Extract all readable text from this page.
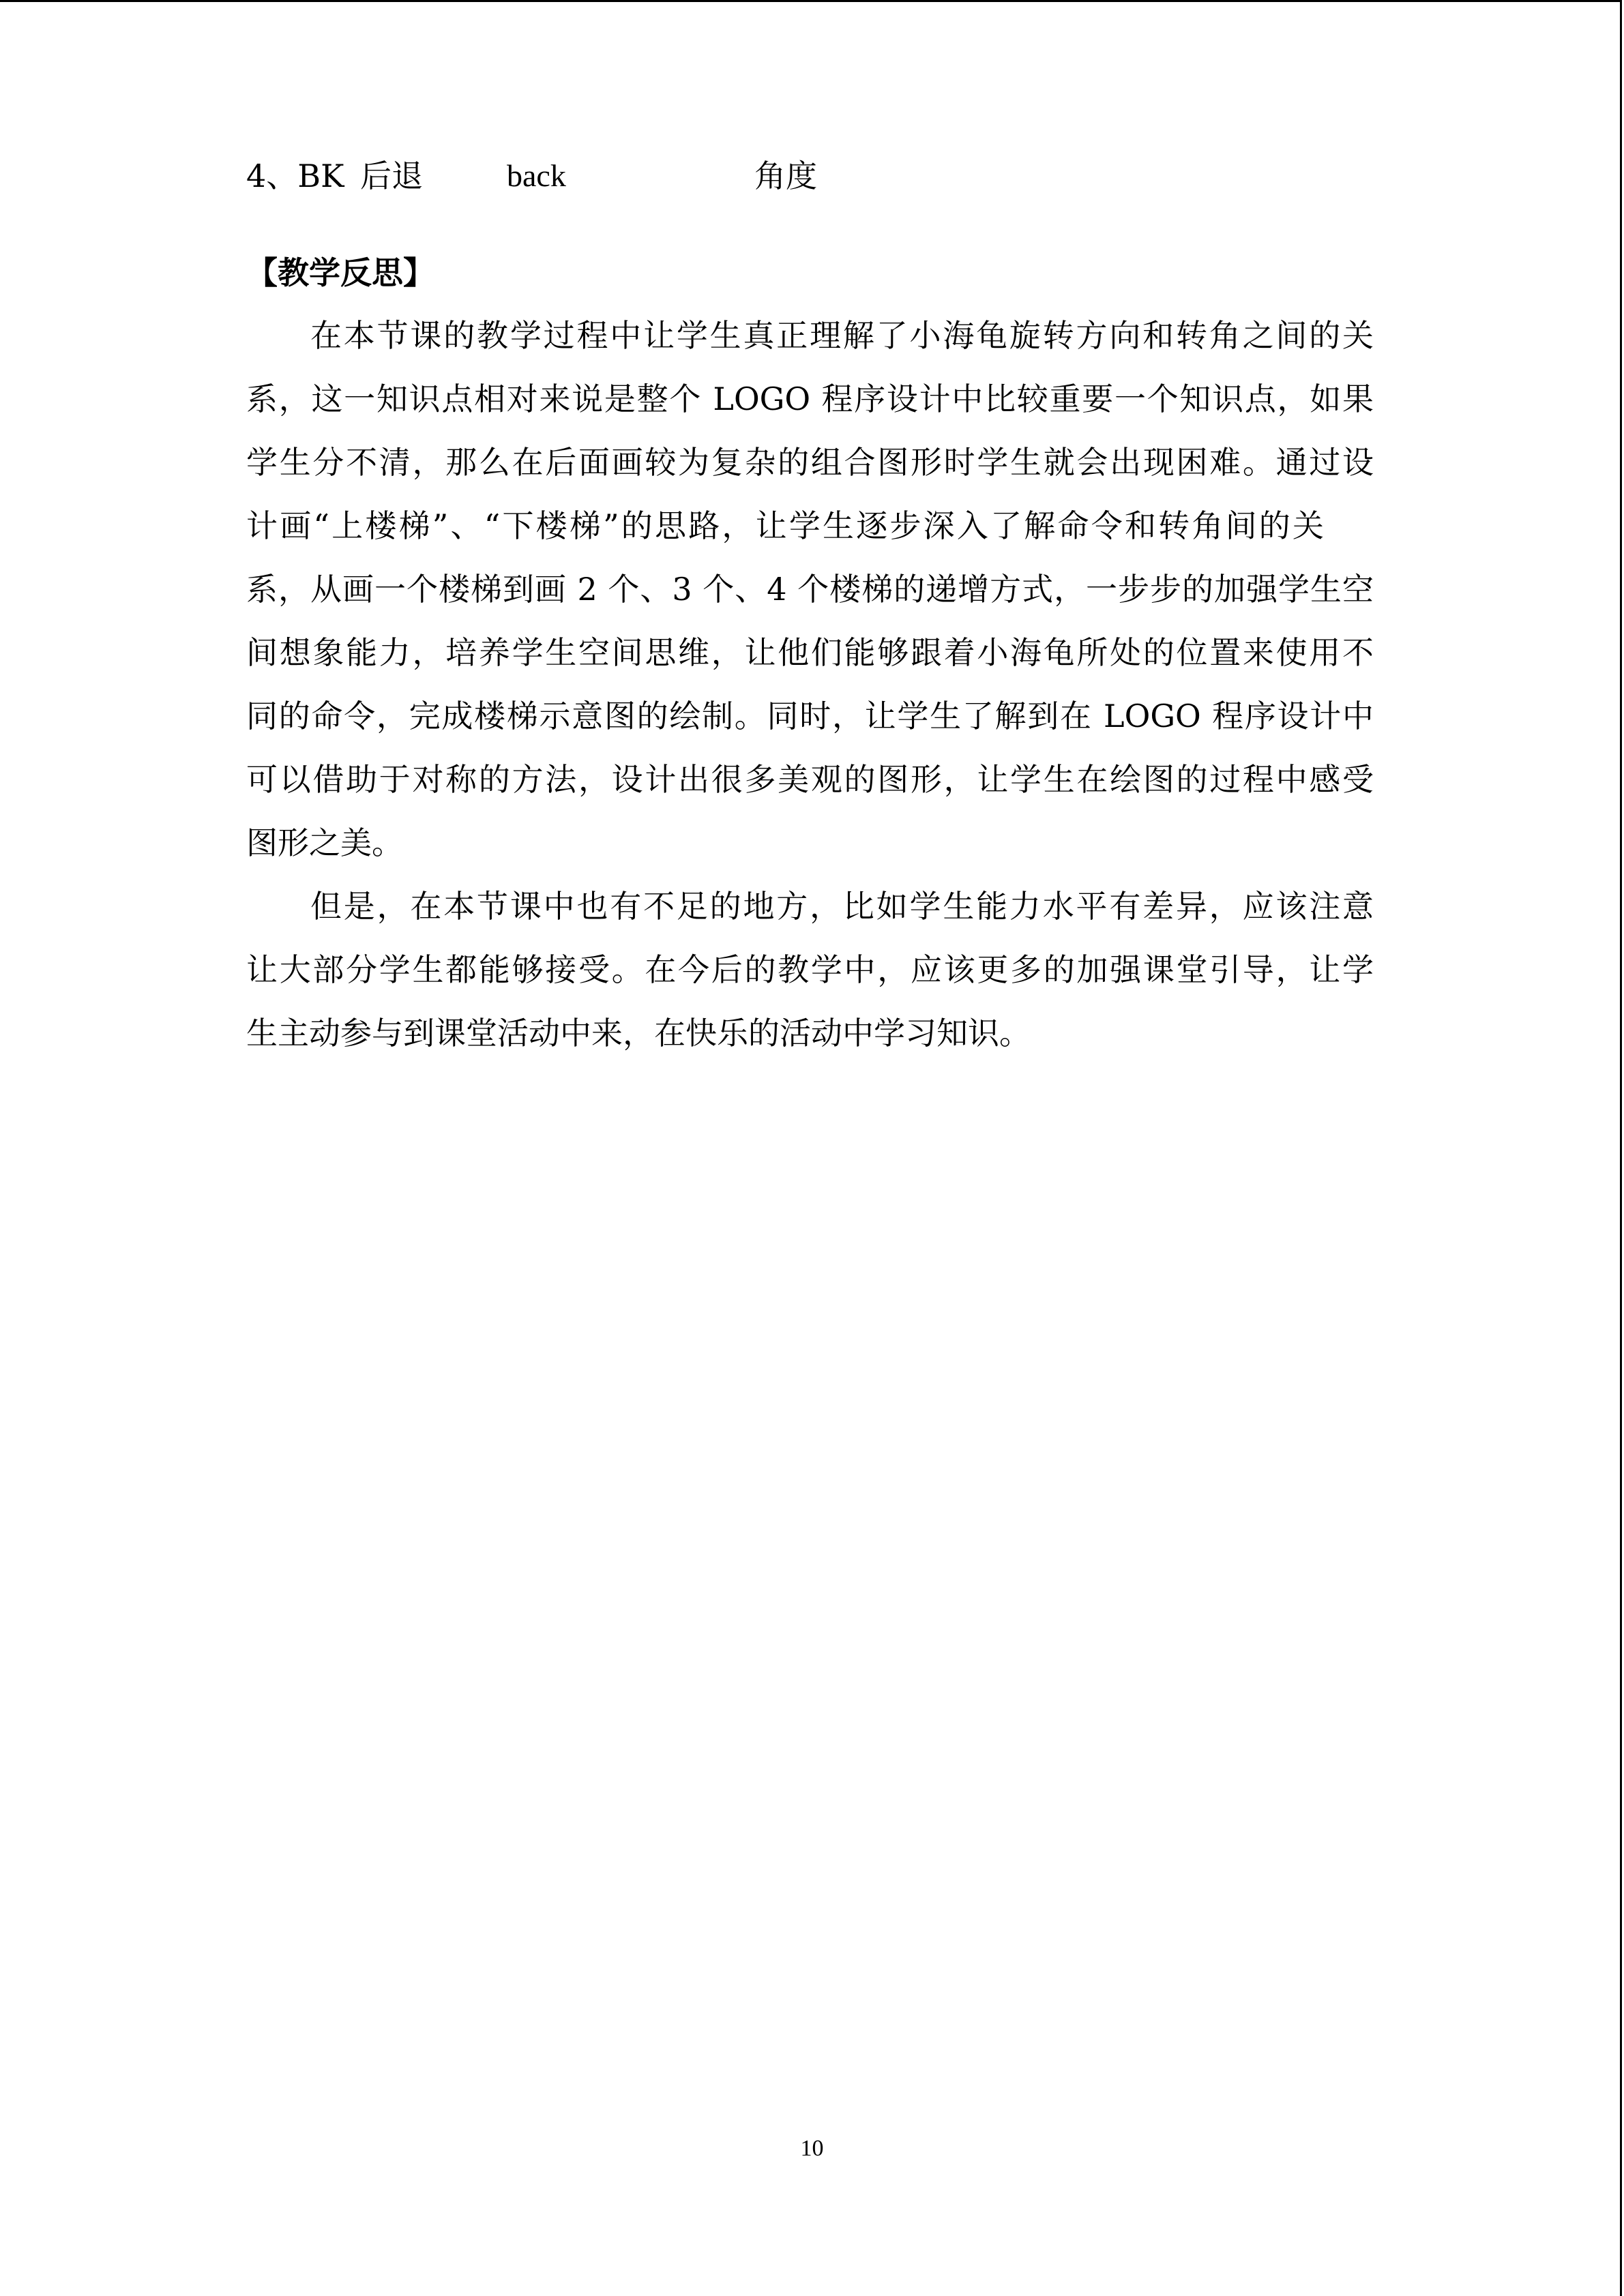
4、BK 后退	back	角度
【教学反思】
在本节课的教学过程中让学生真正理解了小海龟旋转方向和转角之间的关
系，这一知识点相对来说是整个 LOGO 程序设计中比较重要一个知识点，如果
学生分不清，那么在后面画较为复杂的组合图形时学生就会出现困难。通过设
计画“上楼梯”、“下楼梯”的思路，让学生逐步深入了解命令和转角间的关
系，从画一个楼梯到画 2 个、3 个、4 个楼梯的递增方式，一步步的加强学生空
间想象能力，培养学生空间思维，让他们能够跟着小海龟所处的位置来使用不
同的命令，完成楼梯示意图的绘制。同时，让学生了解到在 LOGO 程序设计中
可以借助于对称的方法，设计出很多美观的图形，让学生在绘图的过程中感受
图形之美。
但是，在本节课中也有不足的地方，比如学生能力水平有差异，应该注意
让大部分学生都能够接受。在今后的教学中，应该更多的加强课堂引导，让学
生主动参与到课堂活动中来，在快乐的活动中学习知识。
10
